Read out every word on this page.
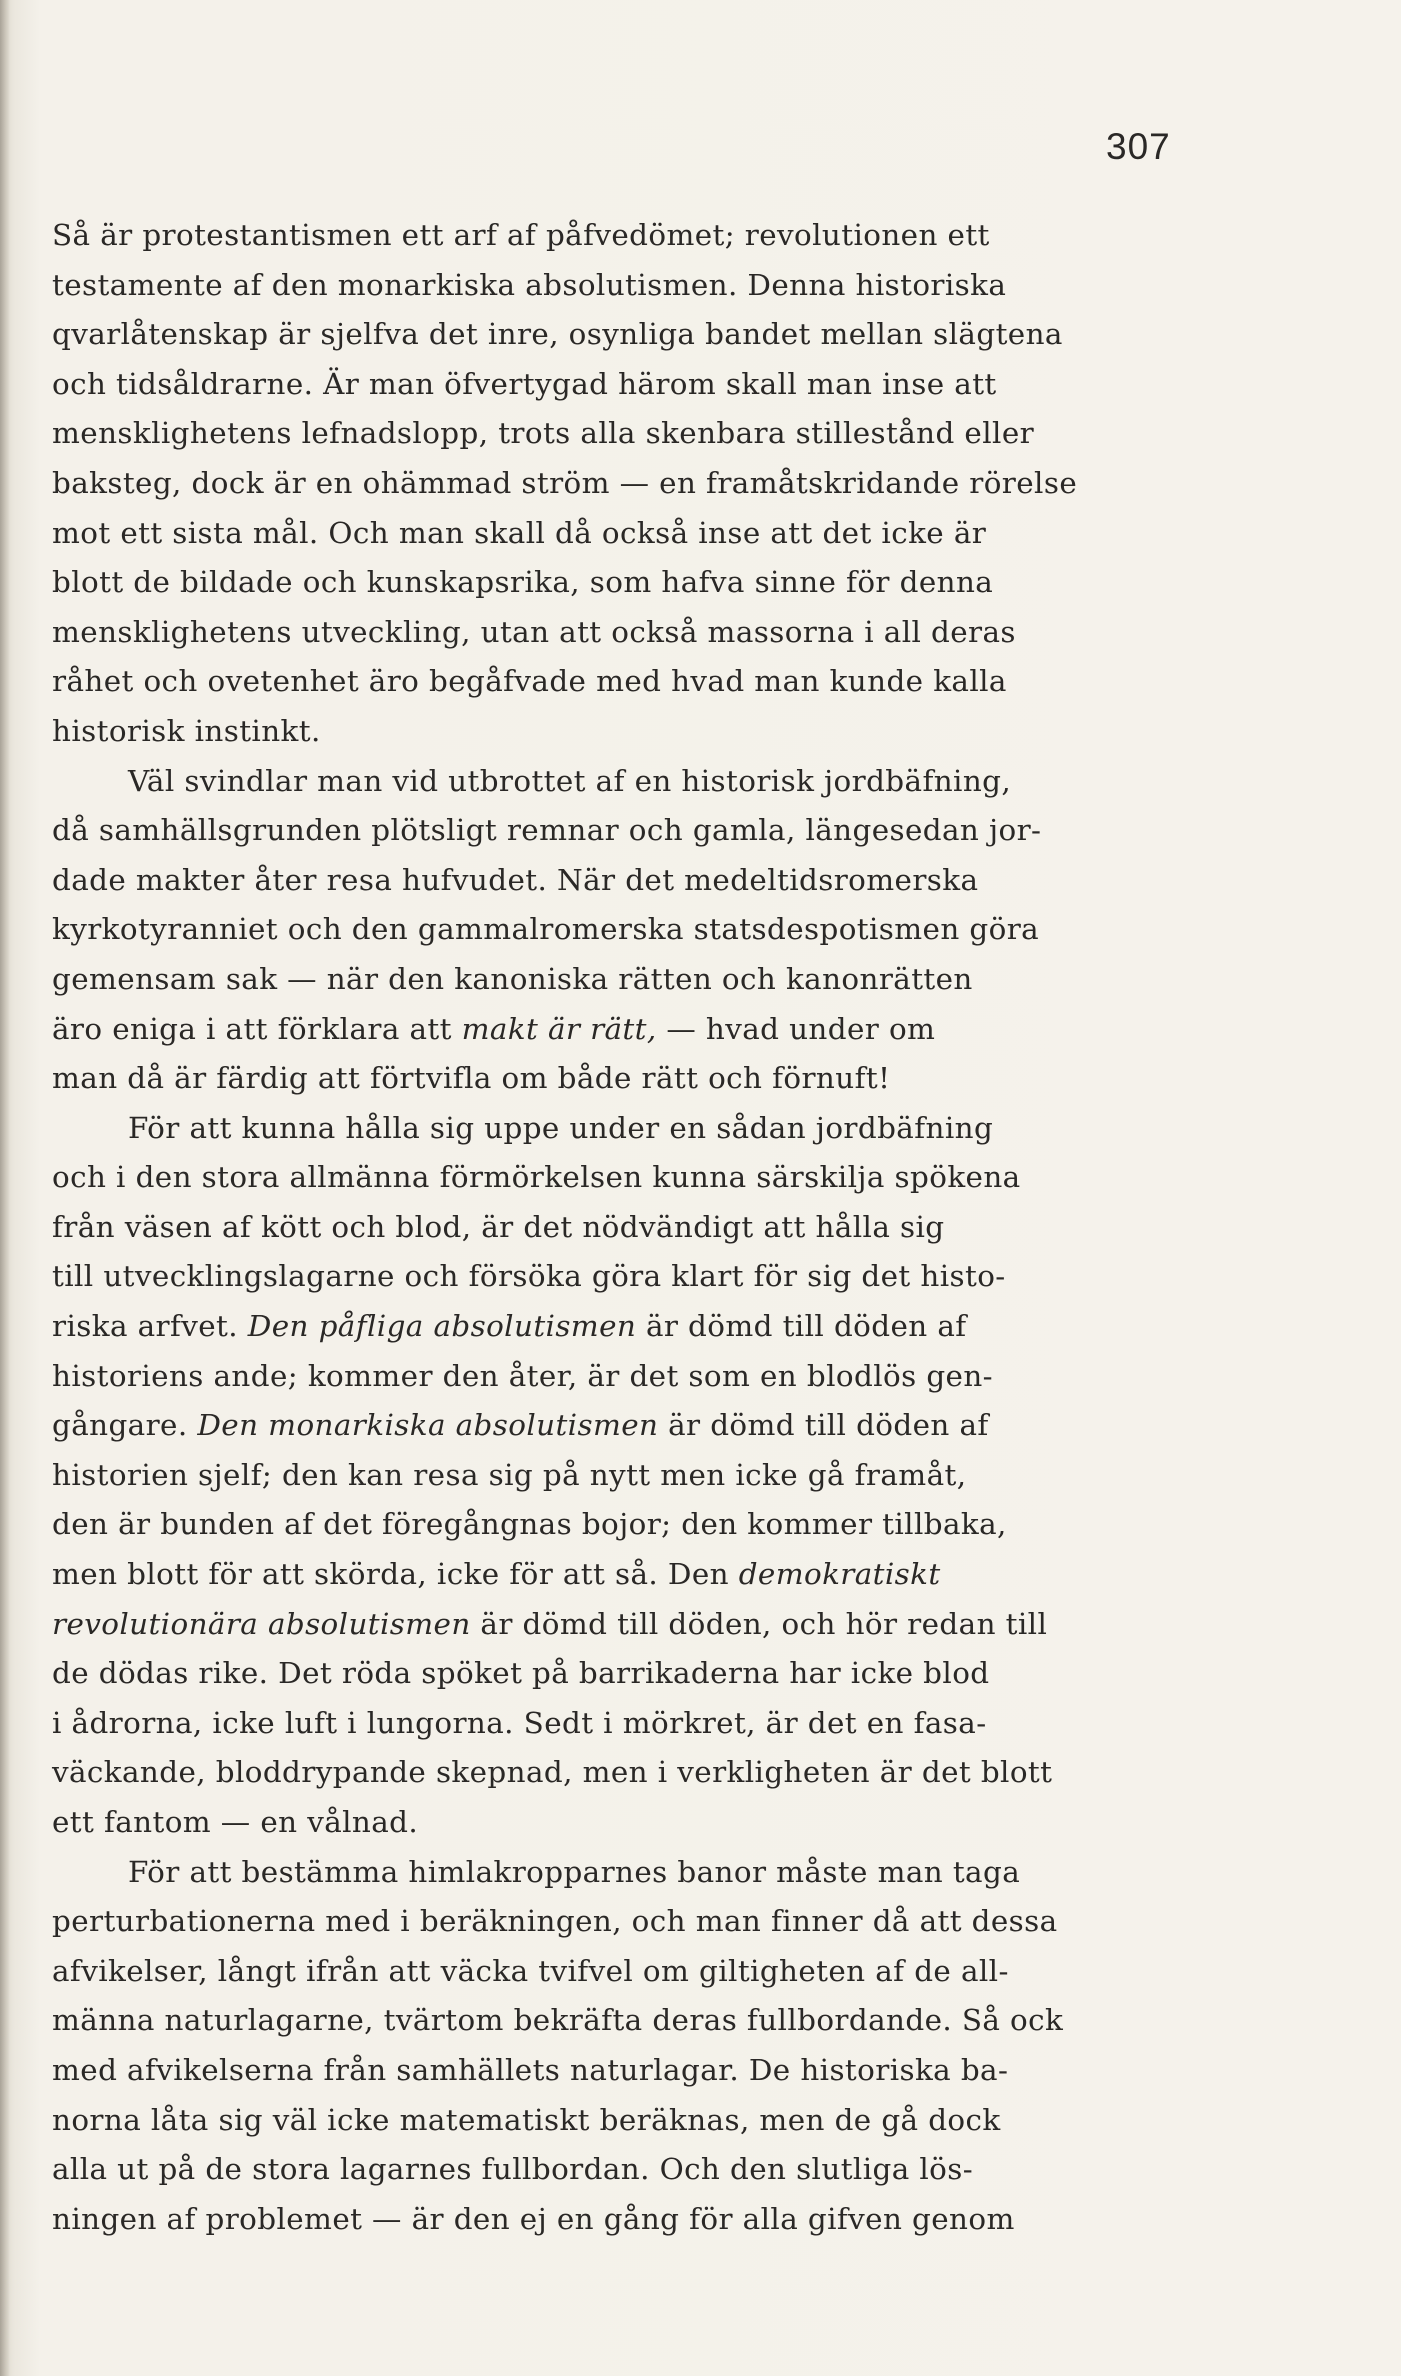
307
Så är protestantismen ett arf af påfvedömet; revolutionen ett
testamente af den monarkiska absolutismen. Denna historiska
qvarlåtenskap är sjelfva det inre, osynliga bandet mellan slägtena
och tidsåldrarne. Är man öfvertygad härom skall man inse att
mensklighetens lefnadslopp, trots alla skenbara stillestånd eller
baksteg, dock är en ohämmad ström — en framåtskridande rörelse
mot ett sista mål. Och man skall då också inse att det icke är
blott de bildade och kunskapsrika, som hafva sinne för denna
mensklighetens utveckling, utan att också massorna i all deras
råhet och ovetenhet äro begåfvade med hvad man kunde kalla
historisk instinkt.
Väl svindlar man vid utbrottet af en historisk jordbäfning,
då samhällsgrunden plötsligt remnar och gamla, längesedan jor-
dade makter åter resa hufvudet. När det medeltidsromerska
kyrkotyranniet och den gammalromerska statsdespotismen göra
gemensam sak — när den kanoniska rätten och kanonrätten
äro eniga i att förklara att makt är rätt, — hvad under om
man då är färdig att förtvifla om både rätt och förnuft!
För att kunna hålla sig uppe under en sådan jordbäfning
och i den stora allmänna förmörkelsen kunna särskilja spökena
från väsen af kött och blod, är det nödvändigt att hålla sig
till utvecklingslagarne och försöka göra klart för sig det histo-
riska arfvet. Den påfliga absolutismen är dömd till döden af
historiens ande; kommer den åter, är det som en blodlös gen-
gångare. Den monarkiska absolutismen är dömd till döden af
historien sjelf; den kan resa sig på nytt men icke gå framåt,
den är bunden af det föregångnas bojor; den kommer tillbaka,
men blott för att skörda, icke för att så. Den demokratiskt
revolutionära absolutismen är dömd till döden, och hör redan till
de dödas rike. Det röda spöket på barrikaderna har icke blod
i ådrorna, icke luft i lungorna. Sedt i mörkret, är det en fasa-
väckande, bloddrypande skepnad, men i verkligheten är det blott
ett fantom — en vålnad.
För att bestämma himlakropparnes banor måste man taga
perturbationerna med i beräkningen, och man finner då att dessa
afvikelser, långt ifrån att väcka tvifvel om giltigheten af de all-
männa naturlagarne, tvärtom bekräfta deras fullbordande. Så ock
med afvikelserna från samhällets naturlagar. De historiska ba-
norna låta sig väl icke matematiskt beräknas, men de gå dock
alla ut på de stora lagarnes fullbordan. Och den slutliga lös-
ningen af problemet — är den ej en gång för alla gifven genom
